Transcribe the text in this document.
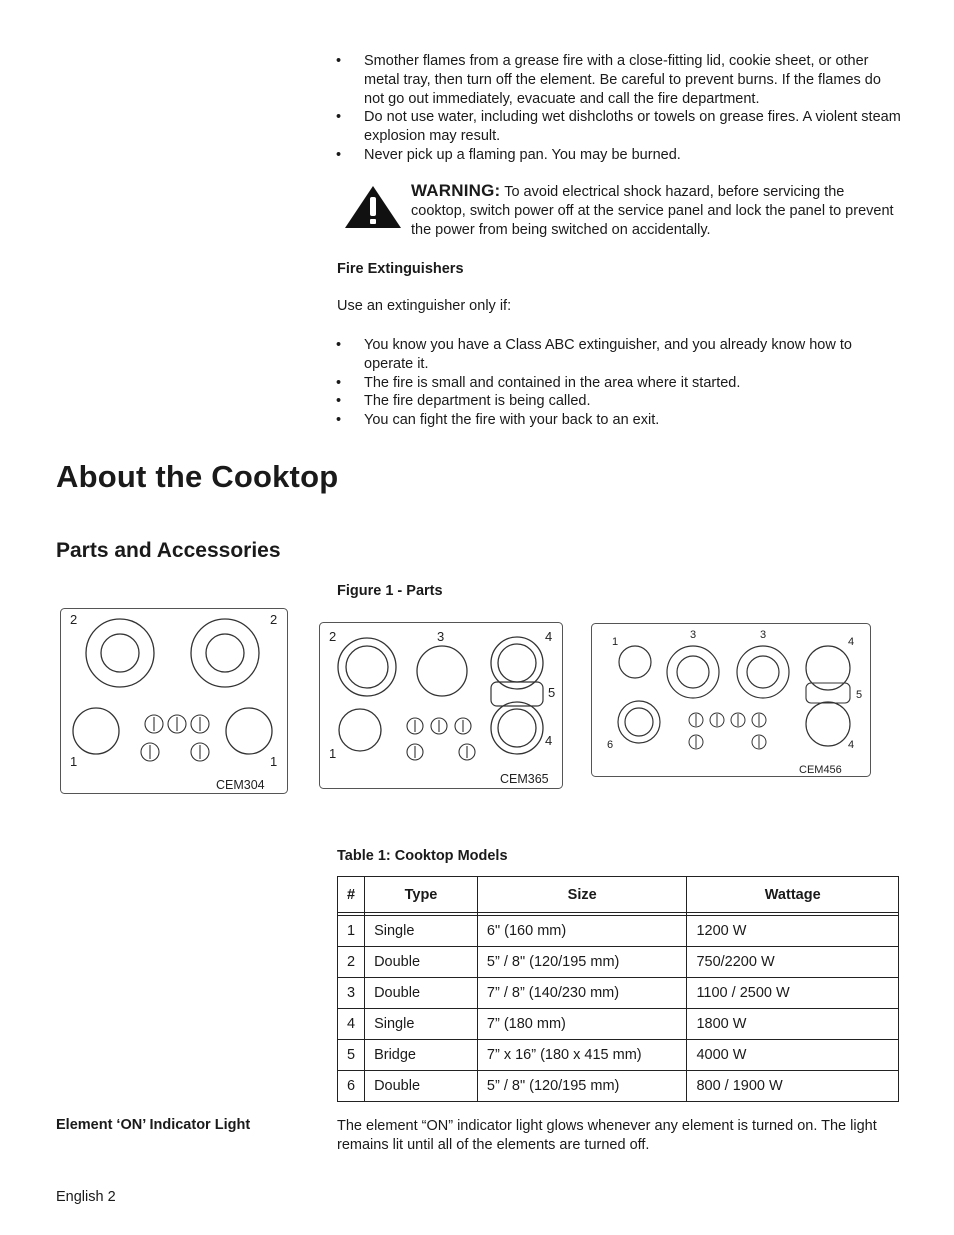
• Smother flames from a grease fire with a close-fitting lid, cookie sheet, or other metal tray, then turn off the element. Be careful to prevent burns. If the flames do not go out immediately, evacuate and call the fire department.
• Do not use water, including wet dishcloths or towels on grease fires. A violent steam explosion may result.
• Never pick up a flaming pan. You may be burned.
WARNING: To avoid electrical shock hazard, before servicing the cooktop, switch power off at the service panel and lock the panel to prevent the power from being switched on accidentally.
Fire Extinguishers
Use an extinguisher only if:
• You know you have a Class ABC extinguisher, and you already know how to operate it.
• The fire is small and contained in the area where it started.
• The fire department is being called.
• You can fight the fire with your back to an exit.
About the Cooktop
Parts and Accessories
Figure 1 - Parts
2	2
1	1
CEM304
2	3	4
5
4
1
CEM365
1
3	3
4
5
6	4
CEM456
Table 1: Cooktop Models
#	Type	Size	Wattage

1	Single	6" (160 mm)	1200 W
2	Double	5” / 8" (120/195 mm)	750/2200 W
3	Double	7” / 8” (140/230 mm)	1100 / 2500 W
4	Single	7” (180 mm)	1800 W
5	Bridge	7” x 16” (180 x 415 mm)	4000 W
6	Double	5” / 8" (120/195 mm)	800 / 1900 W
Element ‘ON’ Indicator Light	The element “ON” indicator light glows whenever any element is turned on. The light remains lit until all of the elements are turned off.
English 2
